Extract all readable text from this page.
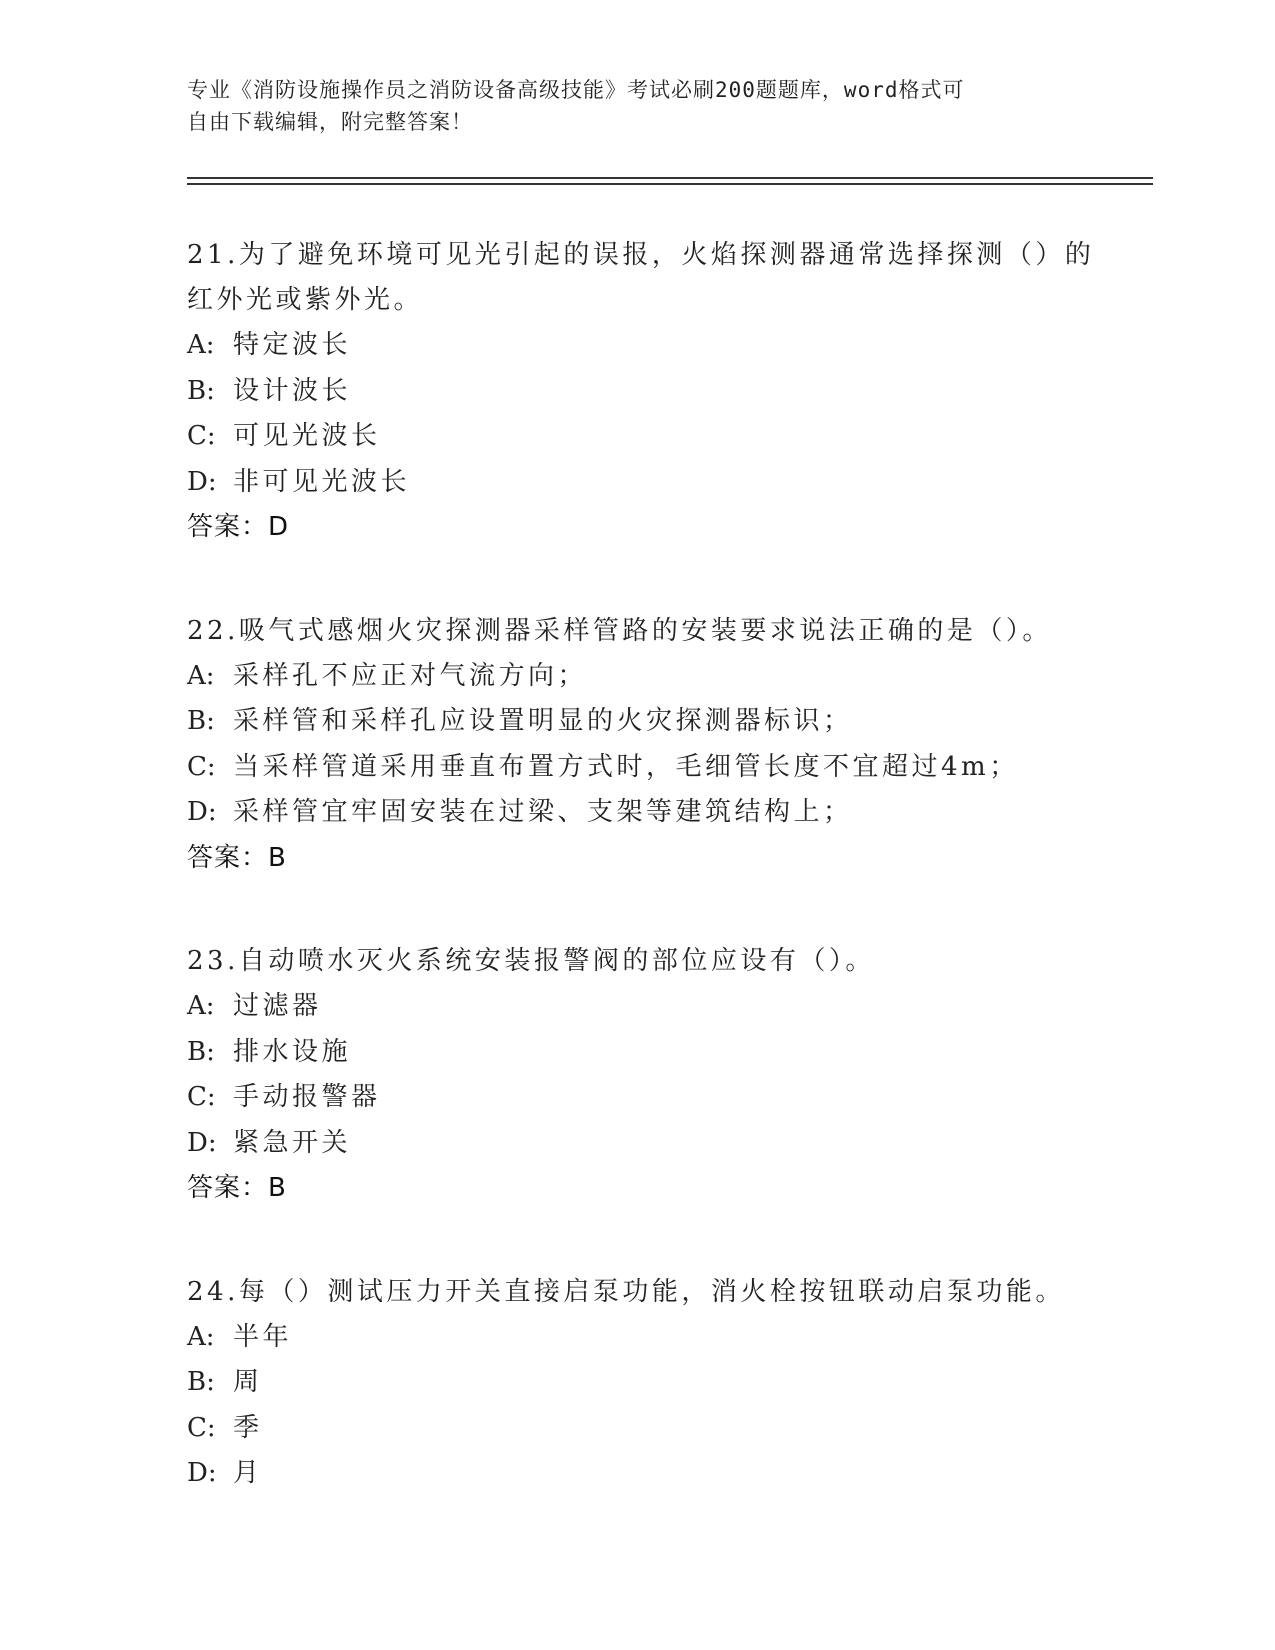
专业《消防设施操作员之消防设备高级技能》考试必刷200题题库，word格式可
自由下载编辑，附完整答案！
21.为了避免环境可见光引起的误报，火焰探测器通常选择探测（）的红外光或紫外光。
A: 特定波长
B: 设计波长
C: 可见光波长
D: 非可见光波长
答案：D
22.吸气式感烟火灾探测器采样管路的安装要求说法正确的是（）。
A: 采样孔不应正对气流方向；
B: 采样管和采样孔应设置明显的火灾探测器标识；
C: 当采样管道采用垂直布置方式时，毛细管长度不宜超过4m；
D: 采样管宜牢固安装在过梁、支架等建筑结构上；
答案：B
23.自动喷水灭火系统安装报警阀的部位应设有（）。
A: 过滤器
B: 排水设施
C: 手动报警器
D: 紧急开关
答案：B
24.每（）测试压力开关直接启泵功能，消火栓按钮联动启泵功能。
A: 半年
B: 周
C: 季
D: 月
